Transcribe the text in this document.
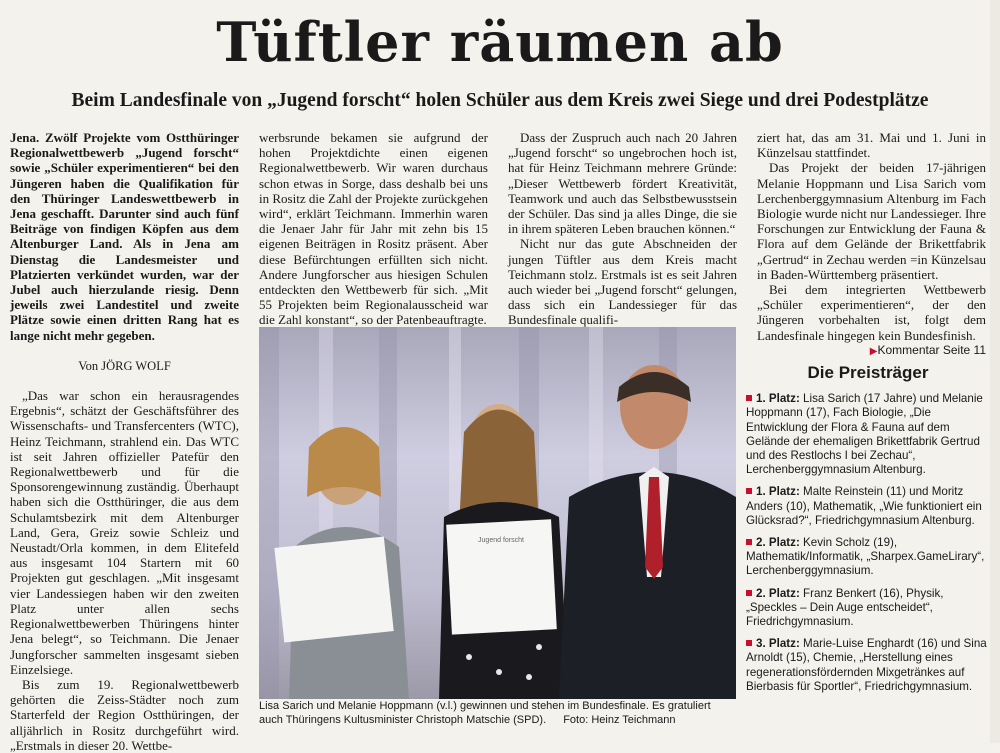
Tüftler räumen ab
Beim Landesfinale von „Jugend forscht“ holen Schüler aus dem Kreis zwei Siege und drei Podestplätze

Jena. Zwölf Projekte vom Ostthüringer Regionalwettbewerb „Jugend forscht“ sowie „Schüler experimentieren“ bei den Jüngeren haben die Qualifikation für den Thüringer Landeswettbewerb in Jena geschafft. Darunter sind auch fünf Beiträge von findigen Köpfen aus dem Altenburger Land. Als in Jena am Dienstag die Landesmeister und Platzierten verkündet wurden, war der Jubel auch hierzulande riesig. Denn jeweils zwei Landestitel und zweite Plätze sowie einen dritten Rang hat es lange nicht mehr gegeben.

Von JÖRG WOLF

„Das war schon ein herausragendes Ergebnis“, schätzt der Geschäftsführer des Wissenschafts- und Transfercenters (WTC), Heinz Teichmann, strahlend ein. Das WTC ist seit Jahren offizieller Patefür den Regionalwettbewerb und für die Sponsorengewinnung zuständig. Überhaupt haben sich die Ostthüringer, die aus dem Schulamtsbezirk mit dem Altenburger Land, Gera, Greiz sowie Schleiz und Neustadt/Orla kommen, in dem Elitefeld aus insgesamt 104 Startern mit 60 Projekten gut geschlagen. „Mit insgesamt vier Landessiegen haben wir den zweiten Platz unter allen sechs Regionalwettbewerben Thüringens hinter Jena belegt“, so Teichmann. Die Jenaer Jungforscher sammelten insgesamt sieben Einzelsiege.

Bis zum 19. Regionalwettbewerb gehörten die Zeiss-Städter noch zum Starterfeld der Region Ostthüringen, der alljährlich in Rositz durchgeführt wird. „Erstmals in dieser 20. Wettbe-

werbsrunde bekamen sie aufgrund der hohen Projektdichte einen eigenen Regionalwettbewerb. Wir waren durchaus schon etwas in Sorge, dass deshalb bei uns in Rositz die Zahl der Projekte zurückgehen wird“, erklärt Teichmann. Immerhin waren die Jenaer Jahr für Jahr mit zehn bis 15 eigenen Beiträgen in Rositz präsent. Aber diese Befürchtungen erfüllten sich nicht. Andere Jungforscher aus hiesigen Schulen entdeckten den Wettbewerb für sich. „Mit 55 Projekten beim Regionalausscheid war die Zahl konstant“, so der Patenbeauftragte.

Dass der Zuspruch auch nach 20 Jahren „Jugend forscht“ so ungebrochen hoch ist, hat für Heinz Teichmann mehrere Gründe: „Dieser Wettbewerb fördert Kreativität, Teamwork und auch das Selbstbewusstsein der Schüler. Das sind ja alles Dinge, die sie in ihrem späteren Leben brauchen können.“

Nicht nur das gute Abschneiden der jungen Tüftler aus dem Kreis macht Teichmann stolz. Erstmals ist es seit Jahren auch wieder bei „Jugend forscht“ gelungen, dass sich ein Landessieger für das Bundesfinale qualifi-

ziert hat, das am 31. Mai und 1. Juni in Künzelsau stattfindet.

Das Projekt der beiden 17-jährigen Melanie Hoppmann und Lisa Sarich vom Lerchenberggymnasium Altenburg im Fach Biologie wurde nicht nur Landessieger. Ihre Forschungen zur Entwicklung der Fauna & Flora auf dem Gelände der Brikettfabrik „Gertrud“ in Zechau werden =in Künzelsau in Baden-Württemberg präsentiert.

Bei dem integrierten Wettbewerb „Schüler experimentieren“, der den Jüngeren vorbehalten ist, folgt dem Landesfinale hingegen kein Bundesfinish.

▶Kommentar Seite 11

Jugend forscht
Lisa Sarich und Melanie Hoppmann (v.l.) gewinnen und stehen im Bundesfinale. Es gratuliert auch Thüringens Kultusminister Christoph Matschie (SPD). Foto: Heinz Teichmann
Die Preisträger
1. Platz: Lisa Sarich (17 Jahre) und Melanie Hoppmann (17), Fach Biologie, „Die Entwicklung der Flora & Fauna auf dem Gelände der ehemaligen Brikettfabrik Gertrud und des Restlochs I bei Zechau“, Lerchenberggymnasium Altenburg.
1. Platz: Malte Reinstein (11) und Moritz Anders (10), Mathematik, „Wie funktioniert ein Glücksrad?“, Friedrichgymnasium Altenburg.
2. Platz: Kevin Scholz (19), Mathematik/Informatik, „Sharpex.GameLirary“, Lerchenberggymnasium.
2. Platz: Franz Benkert (16), Physik, „Speckles – Dein Auge entscheidet“, Friedrichgymnasium.
3. Platz: Marie-Luise Enghardt (16) und Sina Arnoldt (15), Chemie, „Herstellung eines regenerationsfördernden Mixgetränkes auf Bierbasis für Sportler“, Friedrichgymnasium.
